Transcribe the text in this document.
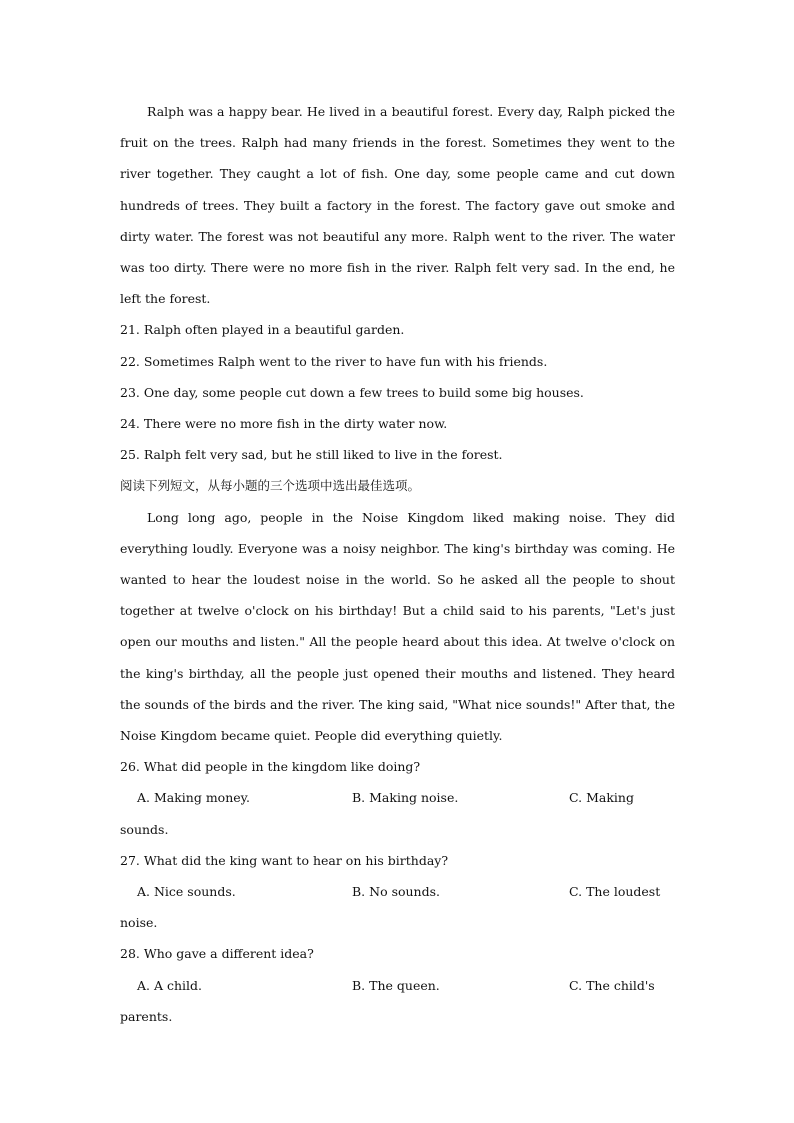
Ralph was a happy bear. He lived in a beautiful forest. Every day, Ralph picked the fruit on the trees. Ralph had many friends in the forest. Sometimes they went to the river together. They caught a lot of fish. One day, some people came and cut down hundreds of trees. They built a factory in the forest. The factory gave out smoke and dirty water. The forest was not beautiful any more. Ralph went to the river. The water was too dirty. There were no more fish in the river. Ralph felt very sad. In the end, he left the forest.

21. Ralph often played in a beautiful garden.

22. Sometimes Ralph went to the river to have fun with his friends.

23. One day, some people cut down a few trees to build some big houses.

24. There were no more fish in the dirty water now.

25. Ralph felt very sad, but he still liked to live in the forest.

阅读下列短文，从每小题的三个选项中选出最佳选项。

Long long ago, people in the Noise Kingdom liked making noise. They did everything loudly. Everyone was a noisy neighbor. The king's birthday was coming. He wanted to hear the loudest noise in the world. So he asked all the people to shout together at twelve o'clock on his birthday! But a child said to his parents, "Let's just open our mouths and listen." All the people heard about this idea. At twelve o'clock on the king's birthday, all the people just opened their mouths and listened. They heard the sounds of the birds and the river. The king said, "What nice sounds!" After that, the Noise Kingdom became quiet. People did everything quietly.

26. What did people in the kingdom like doing?

A. Making money.	B. Making noise.	C. Making

sounds.

27. What did the king want to hear on his birthday?

A. Nice sounds.	B. No sounds.	C. The loudest

noise.

28. Who gave a different idea?

A. A child.	B. The queen.	C. The child's

parents.
